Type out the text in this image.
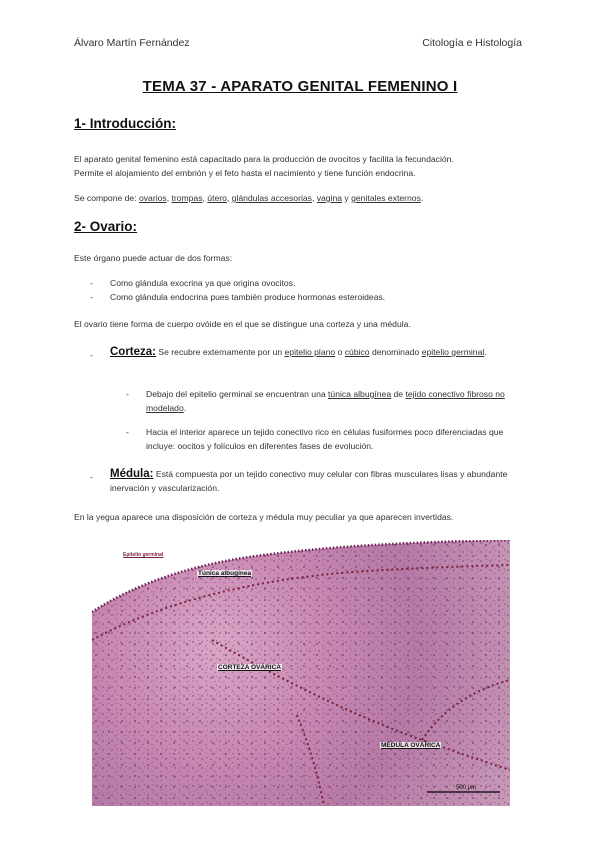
Álvaro Martín Fernández	Citología e Histología
TEMA 37 - APARATO GENITAL FEMENINO I
1- Introducción:
El aparato genital femenino está capacitado para la producción de ovocitos y facilita la fecundación.
Permite el alojamiento del embrión y el feto hasta el nacimiento y tiene función endocrina.
Se compone de: ovarios, trompas, útero, glándulas accesorias, vagina y genitales externos.
2- Ovario:
Este órgano puede actuar de dos formas:
- Como glándula exocrina ya que origina ovocitos.
- Como glándula endocrina pues también produce hormonas esteroideas.
El ovario tiene forma de cuerpo ovóide en el que se distingue una corteza y una médula.
- Corteza: Se recubre externamente por un epitelio plano o cúbico denominado epitelio germinal.
- Debajo del epitelio germinal se encuentran una túnica albugínea de tejido conectivo fibroso no modelado.
- Hacia el interior aparece un tejido conectivo rico en células fusiformes poco diferenciadas que incluye: oocitos y folículos en diferentes fases de evolución.
- Médula: Está compuesta por un tejido conectivo muy celular con fibras musculares lisas y abundante inervación y vascularización.
En la yegua aparece una disposición de corteza y médula muy peculiar ya que aparecen invertidas.
Epitelio germinal
Túnica albugínea
CORTEZA OVÁRICA
MÉDULA OVÁRICA
500 µm
